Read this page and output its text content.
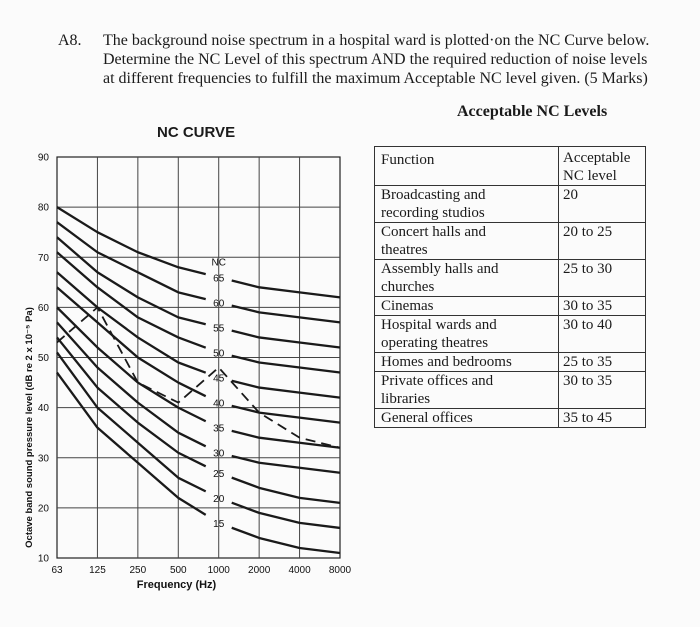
A8. The background noise spectrum in a hospital ward is plotted·on the NC Curve below.
Determine the NC Level of this spectrum AND the required reduction of noise levels
at different frequencies to fulfill the maximum Acceptable NC level given. (5 Marks)
Acceptable NC Levels
NC CURVE
10
20
30
40
50
60
70
80
90
63	125 250 500 1000 2000 4000 8000
Frequency (Hz)
Octave band sound pressure level (dB re 2 x 10⁻⁵ Pa)
65
60
55
50
45
40
35
30
25
20
15
NC
Function	Acceptable
NC level

Broadcasting and
recording studios	20

Concert halls and
theatres	20 to 25

Assembly halls and
churches	25 to 30

Cinemas	30 to 35

Hospital wards and
operating theatres	30 to 40

Homes and bedrooms	25 to 35

Private offices and
libraries	30 to 35

General offices	35 to 45
